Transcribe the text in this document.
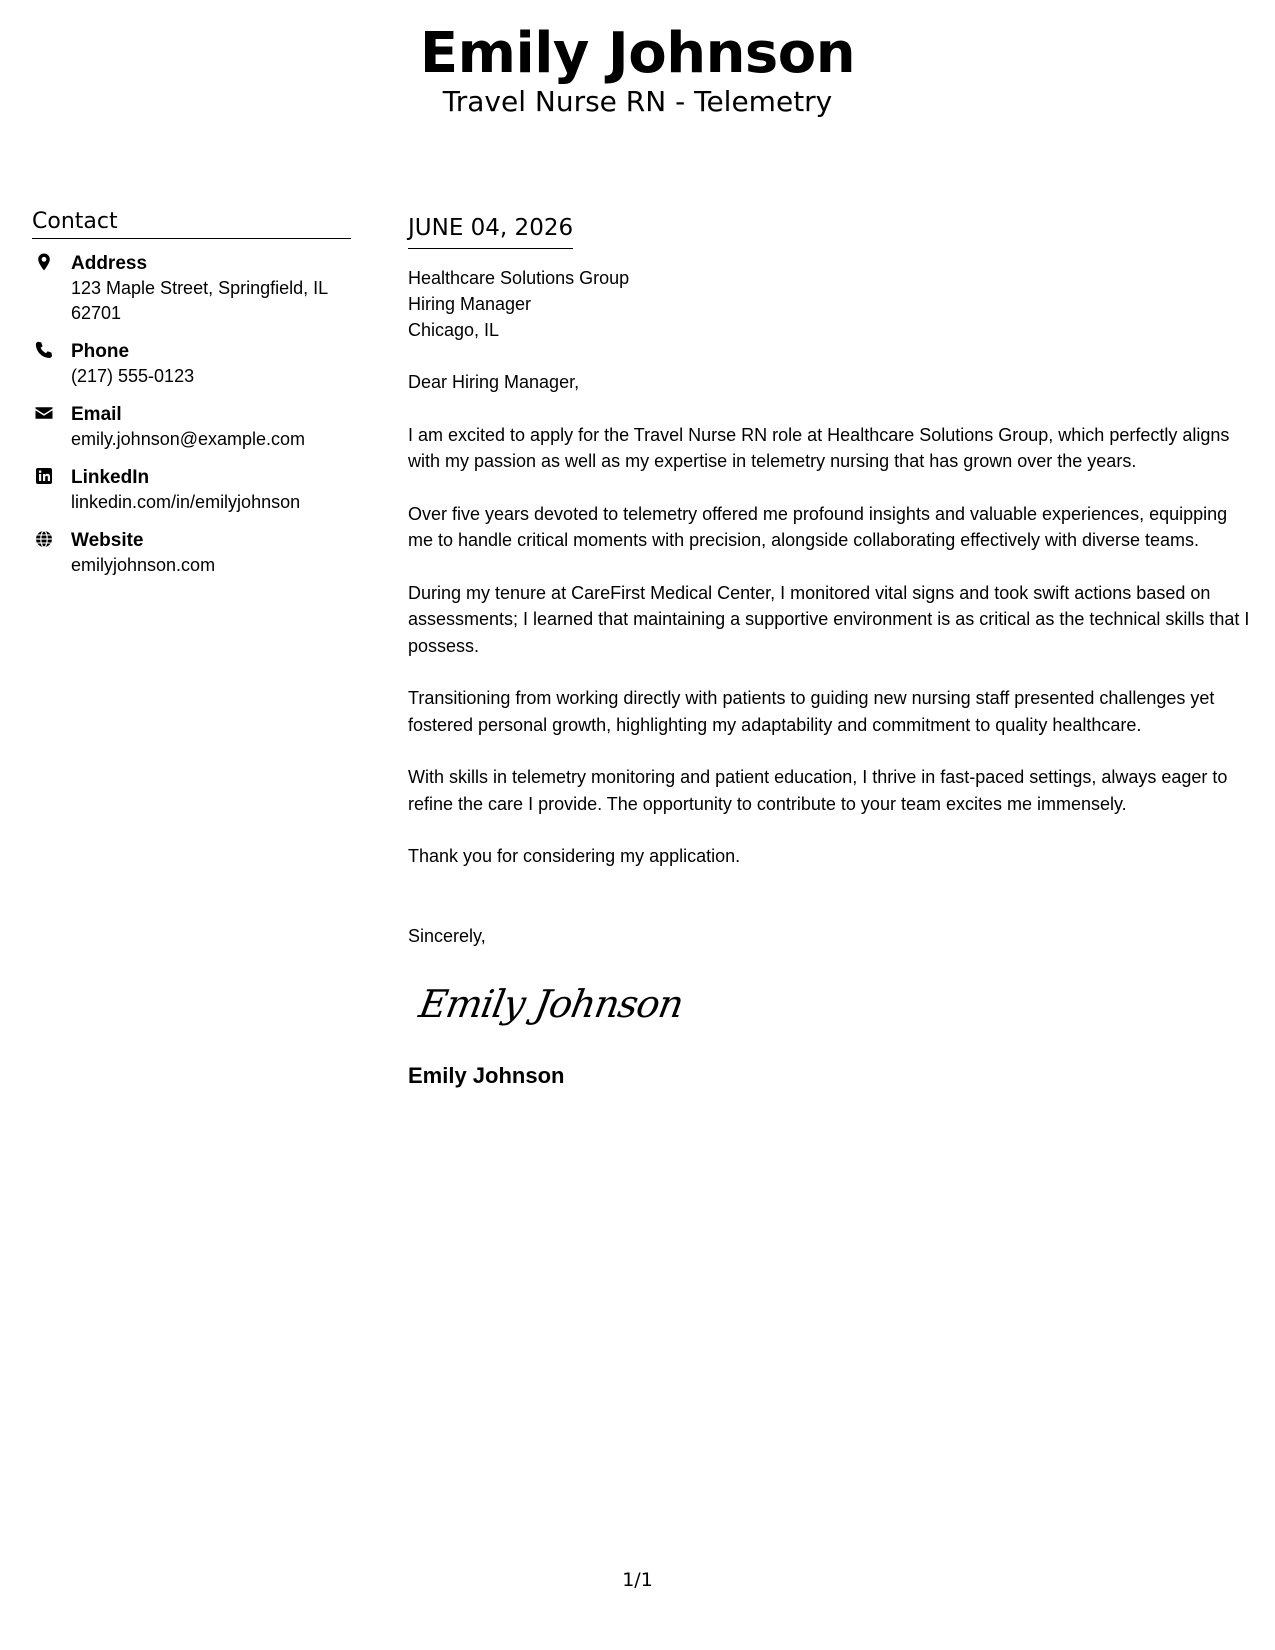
Emily Johnson
Travel Nurse RN - Telemetry
Contact
Address
123 Maple Street, Springfield, IL 62701
Phone
(217) 555-0123
Email
emily.johnson@example.com
LinkedIn
linkedin.com/in/emilyjohnson
Website
emilyjohnson.com
JUNE 04, 2026
Healthcare Solutions Group
Hiring Manager
Chicago, IL
Dear Hiring Manager,
I am excited to apply for the Travel Nurse RN role at Healthcare Solutions Group, which perfectly aligns with my passion as well as my expertise in telemetry nursing that has grown over the years.
Over five years devoted to telemetry offered me profound insights and valuable experiences, equipping me to handle critical moments with precision, alongside collaborating effectively with diverse teams.
During my tenure at CareFirst Medical Center, I monitored vital signs and took swift actions based on assessments; I learned that maintaining a supportive environment is as critical as the technical skills that I possess.
Transitioning from working directly with patients to guiding new nursing staff presented challenges yet fostered personal growth, highlighting my adaptability and commitment to quality healthcare.
With skills in telemetry monitoring and patient education, I thrive in fast-paced settings, always eager to refine the care I provide. The opportunity to contribute to your team excites me immensely.
Thank you for considering my application.
Sincerely,
Emily Johnson
Emily Johnson
1/1
